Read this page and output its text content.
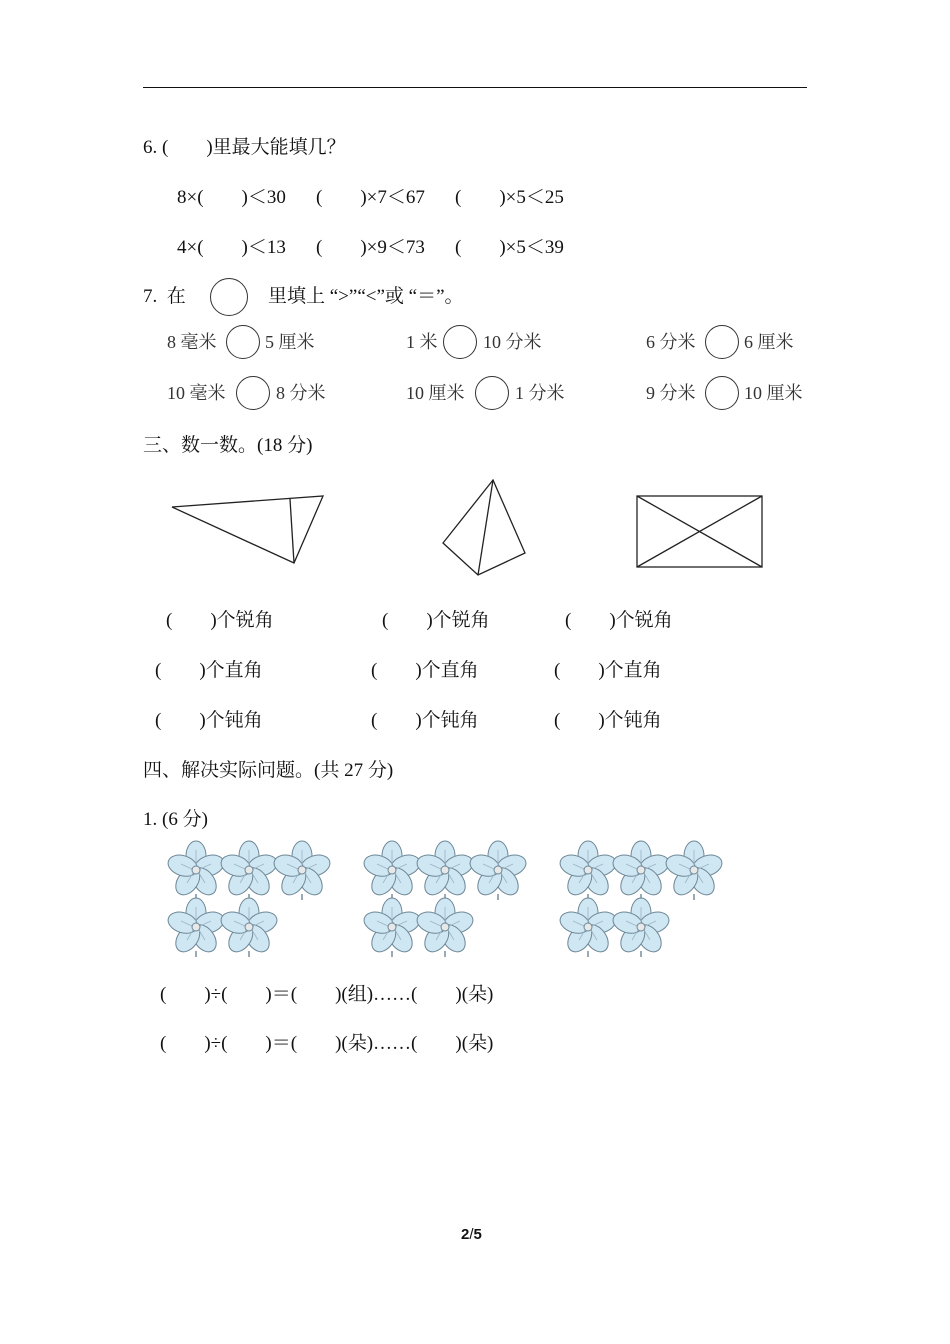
6. (        )里最大能填几？
8×(        )＜30 (        )×7＜67 (        )×5＜25
4×(        )＜13 (        )×9＜73 (        )×5＜39
7.  在	里填上 “>”“<”或 “＝”。
8 毫米	5 厘米	1 米	10 分米	6 分米	6 厘米
10 毫米	8 分米	10 厘米	1 分米	9 分米	10 厘米
三、数一数。(18 分)
(        )个锐角	(        )个锐角	(        )个锐角
(        )个直角	(        )个直角	(        )个直角
(        )个钝角	(        )个钝角	(        )个钝角
四、解决实际问题。(共 27 分)
1. (6 分)
(        )÷(        )＝(        )(组)……(        )(朵)
(        )÷(        )＝(        )(朵)……(        )(朵)
2/5
